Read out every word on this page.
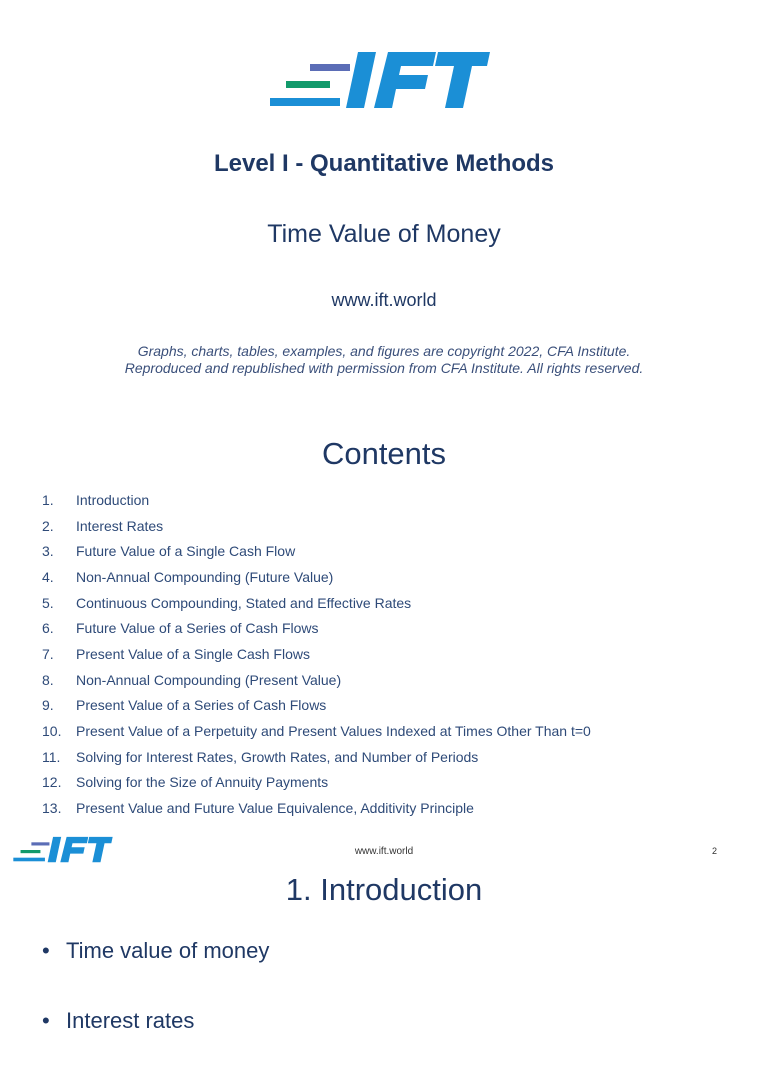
Level I - Quantitative Methods
Time Value of Money
www.ift.world
Graphs, charts, tables, examples, and figures are copyright 2022, CFA Institute.
Reproduced and republished with permission from CFA Institute. All rights reserved.
Contents
1.	Introduction
2.	Interest Rates
3.	Future Value of a Single Cash Flow
4.	Non-Annual Compounding (Future Value)
5.	Continuous Compounding, Stated and Effective Rates
6.	Future Value of a Series of Cash Flows
7.	Present Value of a Single Cash Flows
8.	Non-Annual Compounding (Present Value)
9.	Present Value of a Series of Cash Flows
10.	Present Value of a Perpetuity and Present Values Indexed at Times Other Than t=0
11.	Solving for Interest Rates, Growth Rates, and Number of Periods
12.	Solving for the Size of Annuity Payments
13.	Present Value and Future Value Equivalence, Additivity Principle
www.ift.world	2
1. Introduction
• Time value of money
• Interest rates
